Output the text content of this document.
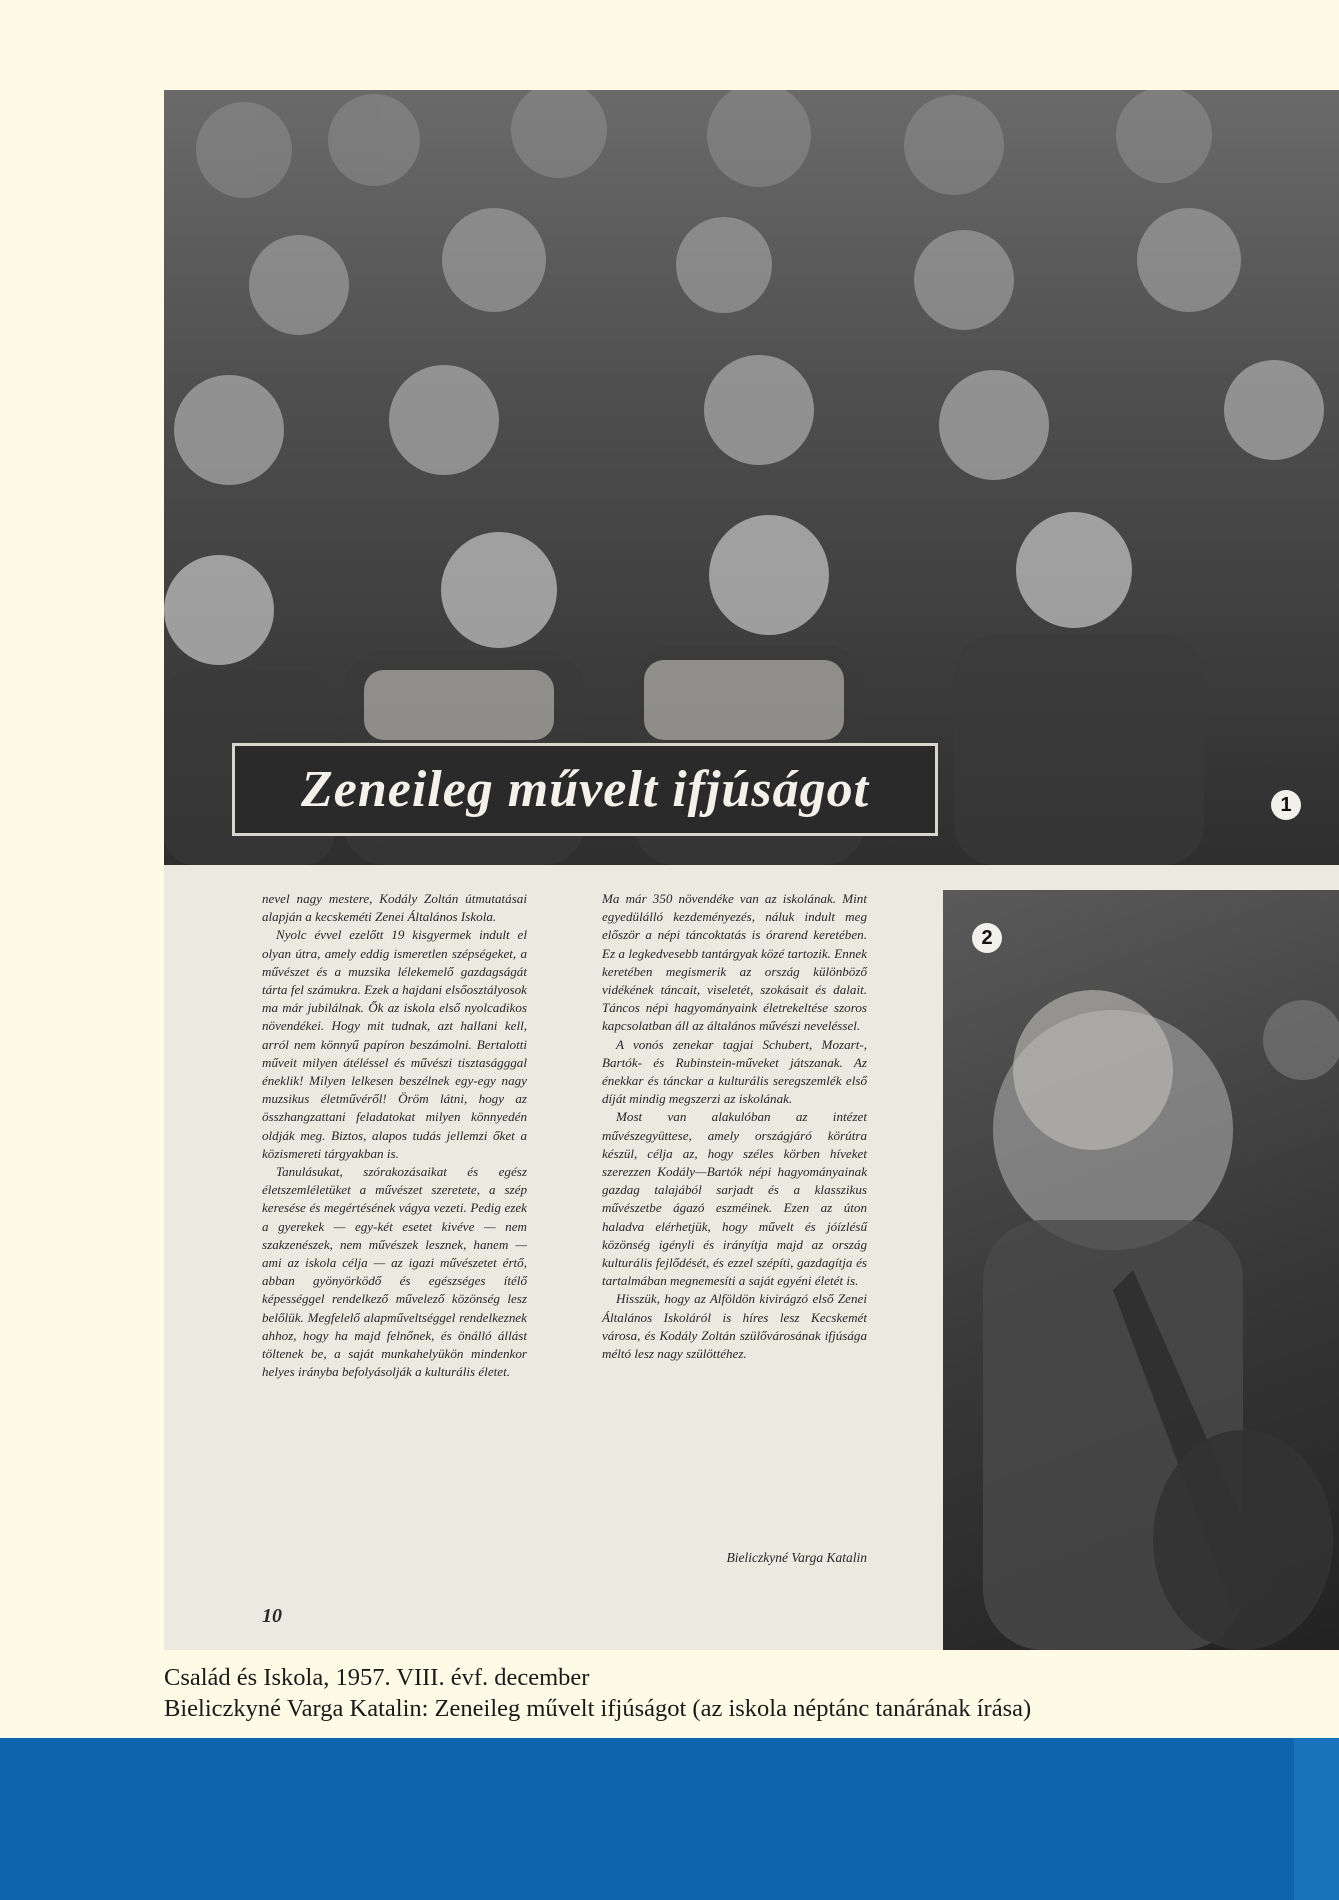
Zeneileg művelt ifjúságot	1
2

nevel nagy mestere, Kodály Zoltán útmutatásai alapján a kecskeméti Zenei Általános Iskola.

Nyolc évvel ezelőtt 19 kisgyermek indult el olyan útra, amely eddig ismeretlen szépségeket, a művészet és a muzsika lélekemelő gazdagságát tárta fel számukra. Ezek a hajdani elsőosztályosok ma már jubilálnak. Ők az iskola első nyolcadikos növendékei. Hogy mit tudnak, azt hallani kell, arról nem könnyű papíron beszámolni. Bertalotti műveit milyen átéléssel és művészi tisztaságggal éneklik! Milyen lelkesen beszélnek egy-egy nagy muzsikus életművéről! Öröm látni, hogy az összhangzattani feladatokat milyen könnyedén oldják meg. Biztos, alapos tudás jellemzi őket a közismereti tárgyakban is.

Tanulásukat, szórakozásaikat és egész életszemléletüket a művészet szeretete, a szép keresése és megértésének vágya vezeti. Pedig ezek a gyerekek — egy-két esetet kivéve — nem szakzenészek, nem művészek lesznek, hanem — ami az iskola célja — az igazi művészetet értő, abban gyönyörködő és egészséges ítélő képességgel rendelkező művelező közönség lesz belőlük. Megfelelő alapműveltséggel rendelkeznek ahhoz, hogy ha majd felnőnek, és önálló állást töltenek be, a saját munkahelyükön mindenkor helyes irányba befolyásolják a kulturális életet.

Ma már 350 növendéke van az iskolának. Mint egyedülálló kezdeményezés, náluk indult meg először a népi táncoktatás is órarend keretében. Ez a legkedvesebb tantárgyak közé tartozik. Ennek keretében megismerik az ország különböző vidékének táncait, viseletét, szokásait és dalait. Táncos népi hagyományaink életrekeltése szoros kapcsolatban áll az általános művészi neveléssel.

A vonós zenekar tagjai Schubert, Mozart-, Bartók- és Rubinstein-műveket játszanak. Az énekkar és tánckar a kulturális seregszemlék első díját mindig megszerzi az iskolának.

Most van alakulóban az intézet művészegyüttese, amely országjáró körútra készül, célja az, hogy széles körben híveket szerezzen Kodály—Bartók népi hagyományainak gazdag talajából sarjadt és a klasszikus művészetbe ágazó eszméinek. Ezen az úton haladva elérhetjük, hogy művelt és jóízlésű közönség igényli és irányítja majd az ország kulturális fejlődését, és ezzel szépíti, gazdagítja és tartalmában megnemesíti a saját egyéni életét is.

Hisszük, hogy az Alföldön kivirágzó első Zenei Általános Iskoláról is híres lesz Kecskemét városa, és Kodály Zoltán szülővárosának ifjúsága méltó lesz nagy szülöttéhez.

Bieliczkyné Varga Katalin
10
Család és Iskola, 1957. VIII. évf. december
Bieliczkyné Varga Katalin: Zeneileg művelt ifjúságot (az iskola néptánc tanárának írása)
